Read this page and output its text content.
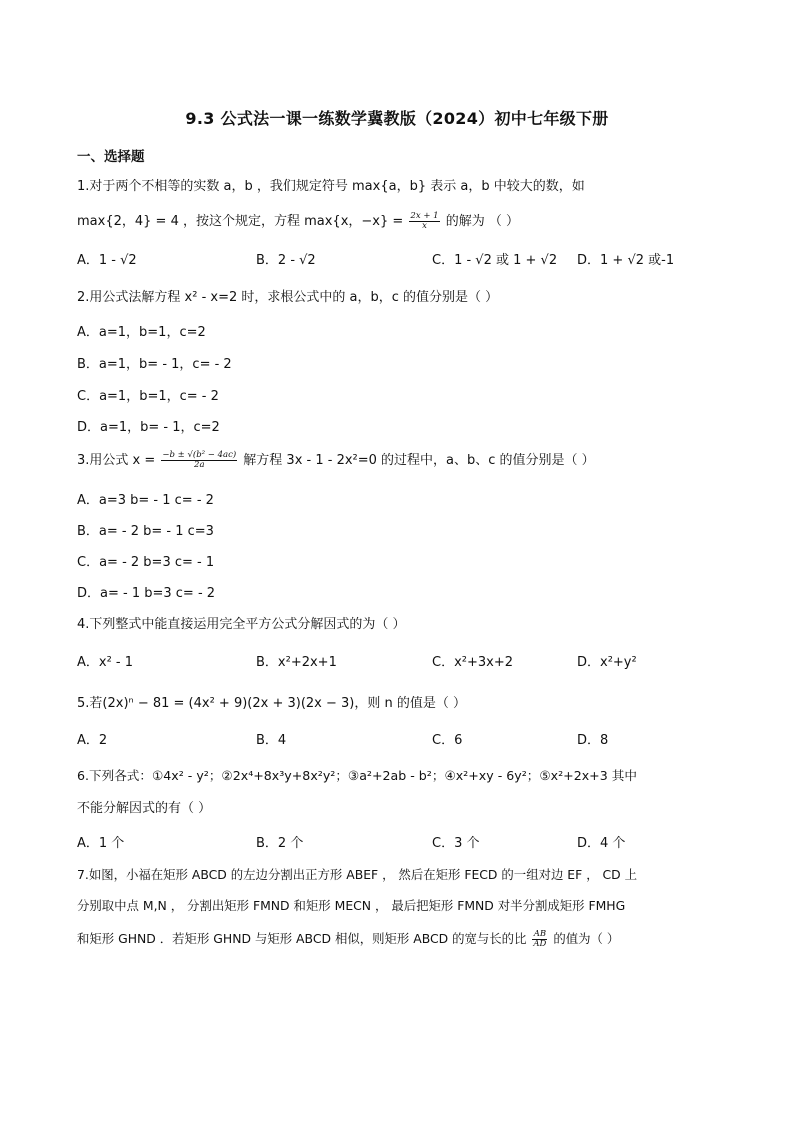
9.3 公式法一课一练数学冀教版（2024）初中七年级下册
一、选择题
1.对于两个不相等的实数 a，b ，我们规定符号 max{a，b} 表示 a，b 中较大的数，如
max{2，4} = 4 ，按这个规定，方程 max{x，$-x\} = \frac{2x + 1}{x}$ 的解为 （ ）
A．1 - √2	B．2 - √2	C．1 - √2 或 1 + √2 D．1 + √2 或-1
2.用公式法解方程 x² - x=2 时，求根公式中的 a，b，c 的值分别是（ ）
A．a=1，b=1，c=2
B．a=1，b= - 1，c= - 2
C．a=1，b=1，c= - 2
D．a=1，b= - 1，c=2
3.用公式 $x = \frac{\text{−b ± √(b² − 4ac)}}{2a}$ 解方程 3x - 1 - 2x²=0 的过程中，a、b、c 的值分别是（ ）
A．a=3 b= - 1 c= - 2
B．a= - 2 b= - 1 c=3
C．a= - 2 b=3 c= - 1
D．a= - 1 b=3 c= - 2
4.下列整式中能直接运用完全平方公式分解因式的为（ ）
A．x² - 1	B．x²+2x+1	C．x²+3x+2	D．x²+y²
5.若(2x)ⁿ − 81 = (4x² + 9)(2x + 3)(2x − 3)，则 n 的值是（ ）
A．2	B．4	C．6	D．8
6.下列各式：①4x² - y²；②2x⁴+8x³y+8x²y²；③a²+2ab - b²；④x²+xy - 6y²；⑤x²+2x+3 其中
不能分解因式的有（ ）
A．1 个	B．2 个	C．3 个	D．4 个
7.如图，小福在矩形 ABCD 的左边分割出正方形 ABEF ， 然后在矩形 FECD 的一组对边 EF ， CD 上
分别取中点 M,N ， 分割出矩形 FMND 和矩形 MECN ， 最后把矩形 FMND 对半分割成矩形 FMHG
和矩形 GHND ．若矩形 GHND 与矩形 ABCD 相似，则矩形 ABCD 的宽与长的比 $\frac{AB}{AD}$ 的值为（ ）
